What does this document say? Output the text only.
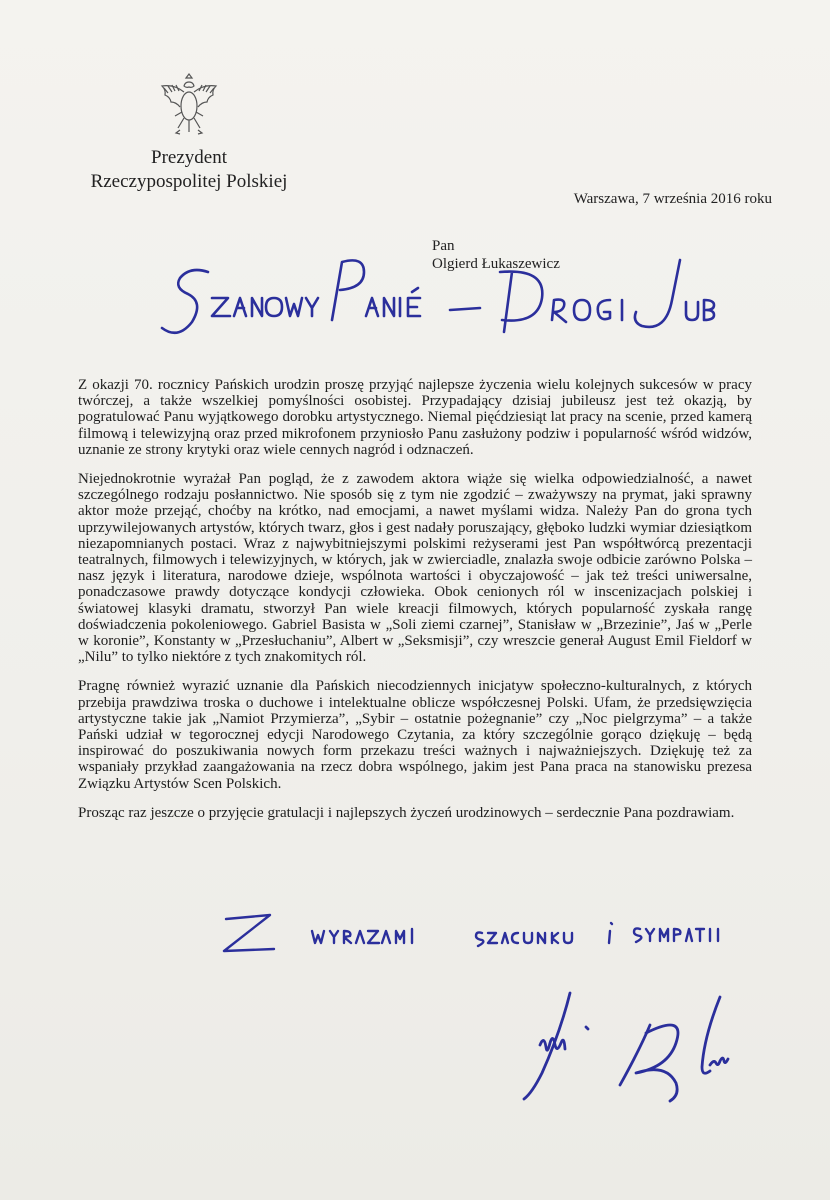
Prezydent
Rzeczypospolitej Polskiej
Warszawa, 7 września 2016 roku
Pan
Olgierd Łukaszewicz

Z okazji 70. rocznicy Pańskich urodzin proszę przyjąć najlepsze życzenia wielu kolejnych sukcesów w pracy twórczej, a także wszelkiej pomyślności osobistej. Przypadający dzisiaj jubileusz jest też okazją, by pogratulować Panu wyjątkowego dorobku artystycznego. Niemal pięćdziesiąt lat pracy na scenie, przed kamerą filmową i telewizyjną oraz przed mikrofonem przyniosło Panu zasłużony podziw i popularność wśród widzów, uznanie ze strony krytyki oraz wiele cennych nagród i odznaczeń.

Niejednokrotnie wyrażał Pan pogląd, że z zawodem aktora wiąże się wielka odpowiedzialność, a nawet szczególnego rodzaju posłannictwo. Nie sposób się z tym nie zgodzić – zważywszy na prymat, jaki sprawny aktor może przejąć, choćby na krótko, nad emocjami, a nawet myślami widza. Należy Pan do grona tych uprzywilejowanych artystów, których twarz, głos i gest nadały poruszający, głęboko ludzki wymiar dziesiątkom niezapomnianych postaci. Wraz z najwybitniejszymi polskimi reżyserami jest Pan współtwórcą prezentacji teatralnych, filmowych i telewizyjnych, w których, jak w zwierciadle, znalazła swoje odbicie zarówno Polska – nasz język i literatura, narodowe dzieje, wspólnota wartości i obyczajowość – jak też treści uniwersalne, ponadczasowe prawdy dotyczące kondycji człowieka. Obok cenionych ról w inscenizacjach polskiej i światowej klasyki dramatu, stworzył Pan wiele kreacji filmowych, których popularność zyskała rangę doświadczenia pokoleniowego. Gabriel Basista w „Soli ziemi czarnej”, Stanisław w „Brzezinie”, Jaś w „Perle w koronie”, Konstanty w „Przesłuchaniu”, Albert w „Seksmisji”, czy wreszcie generał August Emil Fieldorf w „Nilu” to tylko niektóre z tych znakomitych ról.

Pragnę również wyrazić uznanie dla Pańskich niecodziennych inicjatyw społeczno-kulturalnych, z których przebija prawdziwa troska o duchowe i intelektualne oblicze współczesnej Polski. Ufam, że przedsięwzięcia artystyczne takie jak „Namiot Przymierza”, „Sybir – ostatnie pożegnanie” czy „Noc pielgrzyma” – a także Pański udział w tegorocznej edycji Narodowego Czytania, za który szczególnie gorąco dziękuję – będą inspirować do poszukiwania nowych form przekazu treści ważnych i najważniejszych. Dziękuję też za wspaniały przykład zaangażowania na rzecz dobra wspólnego, jakim jest Pana praca na stanowisku prezesa Związku Artystów Scen Polskich.

Prosząc raz jeszcze o przyjęcie gratulacji i najlepszych życzeń urodzinowych – serdecznie Pana pozdrawiam.
